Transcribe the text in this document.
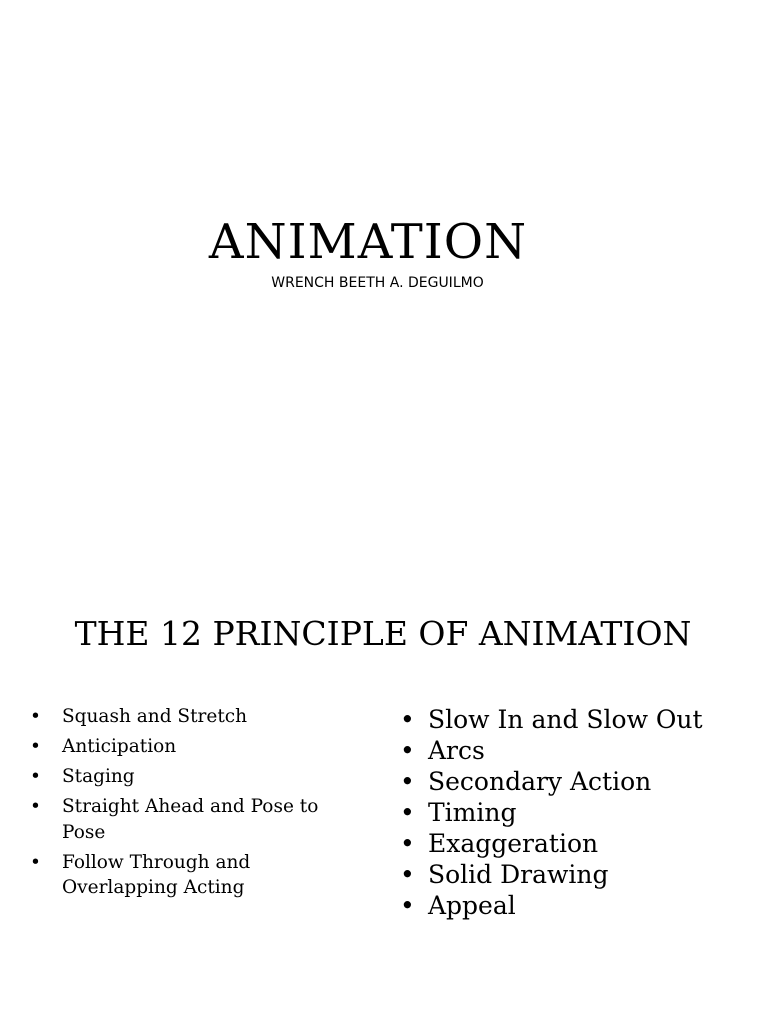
ANIMATION

WRENCH BEETH A. DEGUILMO

THE 12 PRINCIPLE OF ANIMATION
• Squash and Stretch
• Anticipation
• Staging
• Straight Ahead and Pose to Pose
• Follow Through and Overlapping Acting
• Slow In and Slow Out
• Arcs
• Secondary Action
• Timing
• Exaggeration
• Solid Drawing
• Appeal
